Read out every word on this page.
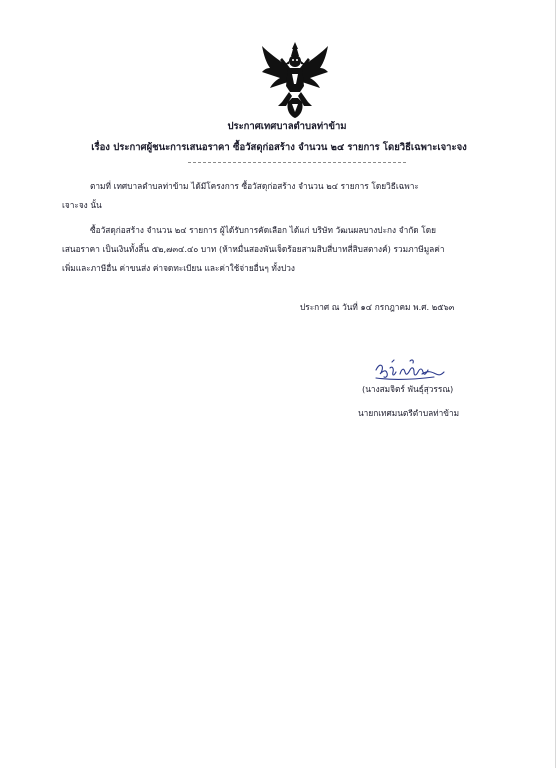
ประกาศเทศบาลตำบลท่าข้าม
เรื่อง ประกาศผู้ชนะการเสนอราคา ซื้อวัสดุก่อสร้าง จำนวน ๒๔ รายการ โดยวิธีเฉพาะเจาะจง
ตามที่ เทศบาลตำบลท่าข้าม ได้มีโครงการ ซื้อวัสดุก่อสร้าง จำนวน ๒๔ รายการ โดยวิธีเฉพาะ
เจาะจง นั้น
ซื้อวัสดุก่อสร้าง จำนวน ๒๔ รายการ ผู้ได้รับการคัดเลือก ได้แก่ บริษัท วัฒนผลบางปะกง จำกัด โดย
เสนอราคา เป็นเงินทั้งสิ้น ๕๒,๗๓๔.๔๐ บาท (ห้าหมื่นสองพันเจ็ดร้อยสามสิบสี่บาทสี่สิบสตางค์) รวมภาษีมูลค่า
เพิ่มและภาษีอื่น ค่าขนส่ง ค่าจดทะเบียน และค่าใช้จ่ายอื่นๆ ทั้งปวง
ประกาศ ณ วันที่ ๑๔ กรกฎาคม พ.ศ. ๒๕๖๓
(นางสมจิตร์ พันธุ์สุวรรณ)
นายกเทศมนตรีตำบลท่าข้าม
